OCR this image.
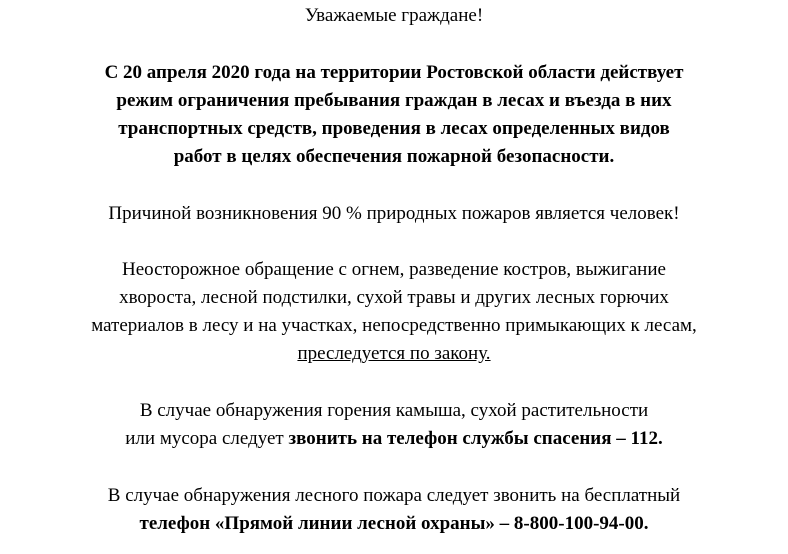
Уважаемые граждане!
С 20 апреля 2020 года на территории Ростовской области действует
режим ограничения пребывания граждан в лесах и въезда в них
транспортных средств, проведения в лесах определенных видов
работ в целях обеспечения пожарной безопасности.
Причиной возникновения 90 % природных пожаров является человек!
Неосторожное обращение с огнем, разведение костров, выжигание
хворостa, лесной подстилки, сухой травы и других лесных горючих
материалов в лесу и на участках, непосредственно примыкающих к лесам,
преследуется по закону.
В случае обнаружения горения камыша, сухой растительности
или мусора следует звонить на телефон службы спасения – 112.
В случае обнаружения лесного пожара следует звонить на бесплатный
телефон «Прямой линии лесной охраны» – 8-800-100-94-00.
